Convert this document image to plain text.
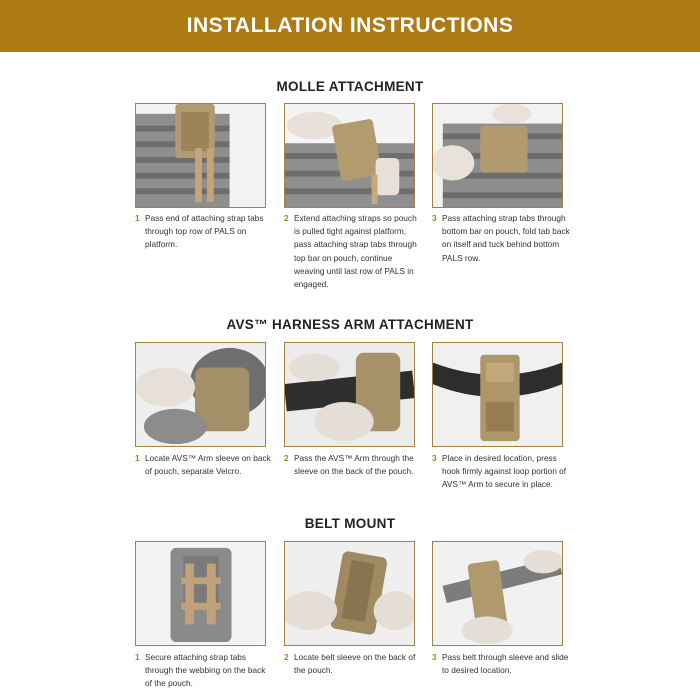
INSTALLATION INSTRUCTIONS
MOLLE ATTACHMENT
1 Pass end of attaching strap tabs through top row of PALS on platform.
2 Extend attaching straps so pouch is pulled tight against platform, pass attaching strap tabs through top bar on pouch, continue weaving until last row of PALS in engaged.
3 Pass attaching strap tabs through bottom bar on pouch, fold tab back on itself and tuck behind bottom PALS row.
AVS™ HARNESS ARM ATTACHMENT
1 Locate AVS™ Arm sleeve on back of pouch, separate Velcro.
2 Pass the AVS™ Arm through the sleeve on the back of the pouch.
3 Place in desired location, press hook firmly against loop portion of AVS™ Arm to secure in place.
BELT MOUNT
1 Secure attaching strap tabs through the webbing on the back of the pouch.
2 Locate belt sleeve on the back of the pouch.
3 Pass belt through sleeve and slide to desired location.
